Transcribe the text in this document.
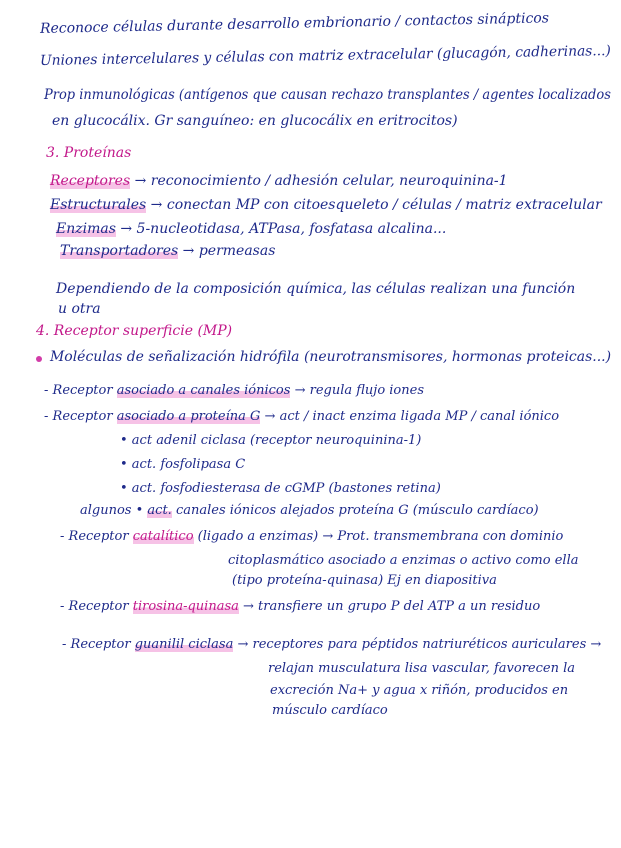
Reconoce células durante desarrollo embrionario / contactos sinápticos
Uniones intercelulares y células con matriz extracelular (glucagón, cadherinas...)
Prop inmunológicas (antígenos que causan rechazo transplantes / agentes localizados
en glucocálix. Gr sanguíneo: en glucocálix en eritrocitos)
3. Proteínas
Receptores → reconocimiento / adhesión celular, neuroquinina-1
Estructurales → conectan MP con citoesqueleto / células / matriz extracelular
Enzimas → 5-nucleotidasa, ATPasa, fosfatasa alcalina...
Transportadores → permeasas
Dependiendo de la composición química, las células realizan una función
u otra
4. Receptor superficie (MP)
Moléculas de señalización hidrófila (neurotransmisores, hormonas proteicas...)
- Receptor asociado a canales iónicos → regula flujo iones
- Receptor asociado a proteína G → act / inact enzima ligada MP / canal iónico
• act adenil ciclasa (receptor neuroquinina-1)
• act. fosfolipasa C
• act. fosfodiesterasa de cGMP (bastones retina)
algunos • act. canales iónicos alejados proteína G (músculo cardíaco)
- Receptor catalítico (ligado a enzimas) → Prot. transmembrana con dominio
citoplasmático asociado a enzimas o activo como ella
(tipo proteína-quinasa) Ej en diapositiva
- Receptor tirosina-quinasa → transfiere un grupo P del ATP a un residuo
- Receptor guanilil ciclasa → receptores para péptidos natriuréticos auriculares →
relajan musculatura lisa vascular, favorecen la
excreción Na+ y agua x riñón, producidos en
músculo cardíaco
